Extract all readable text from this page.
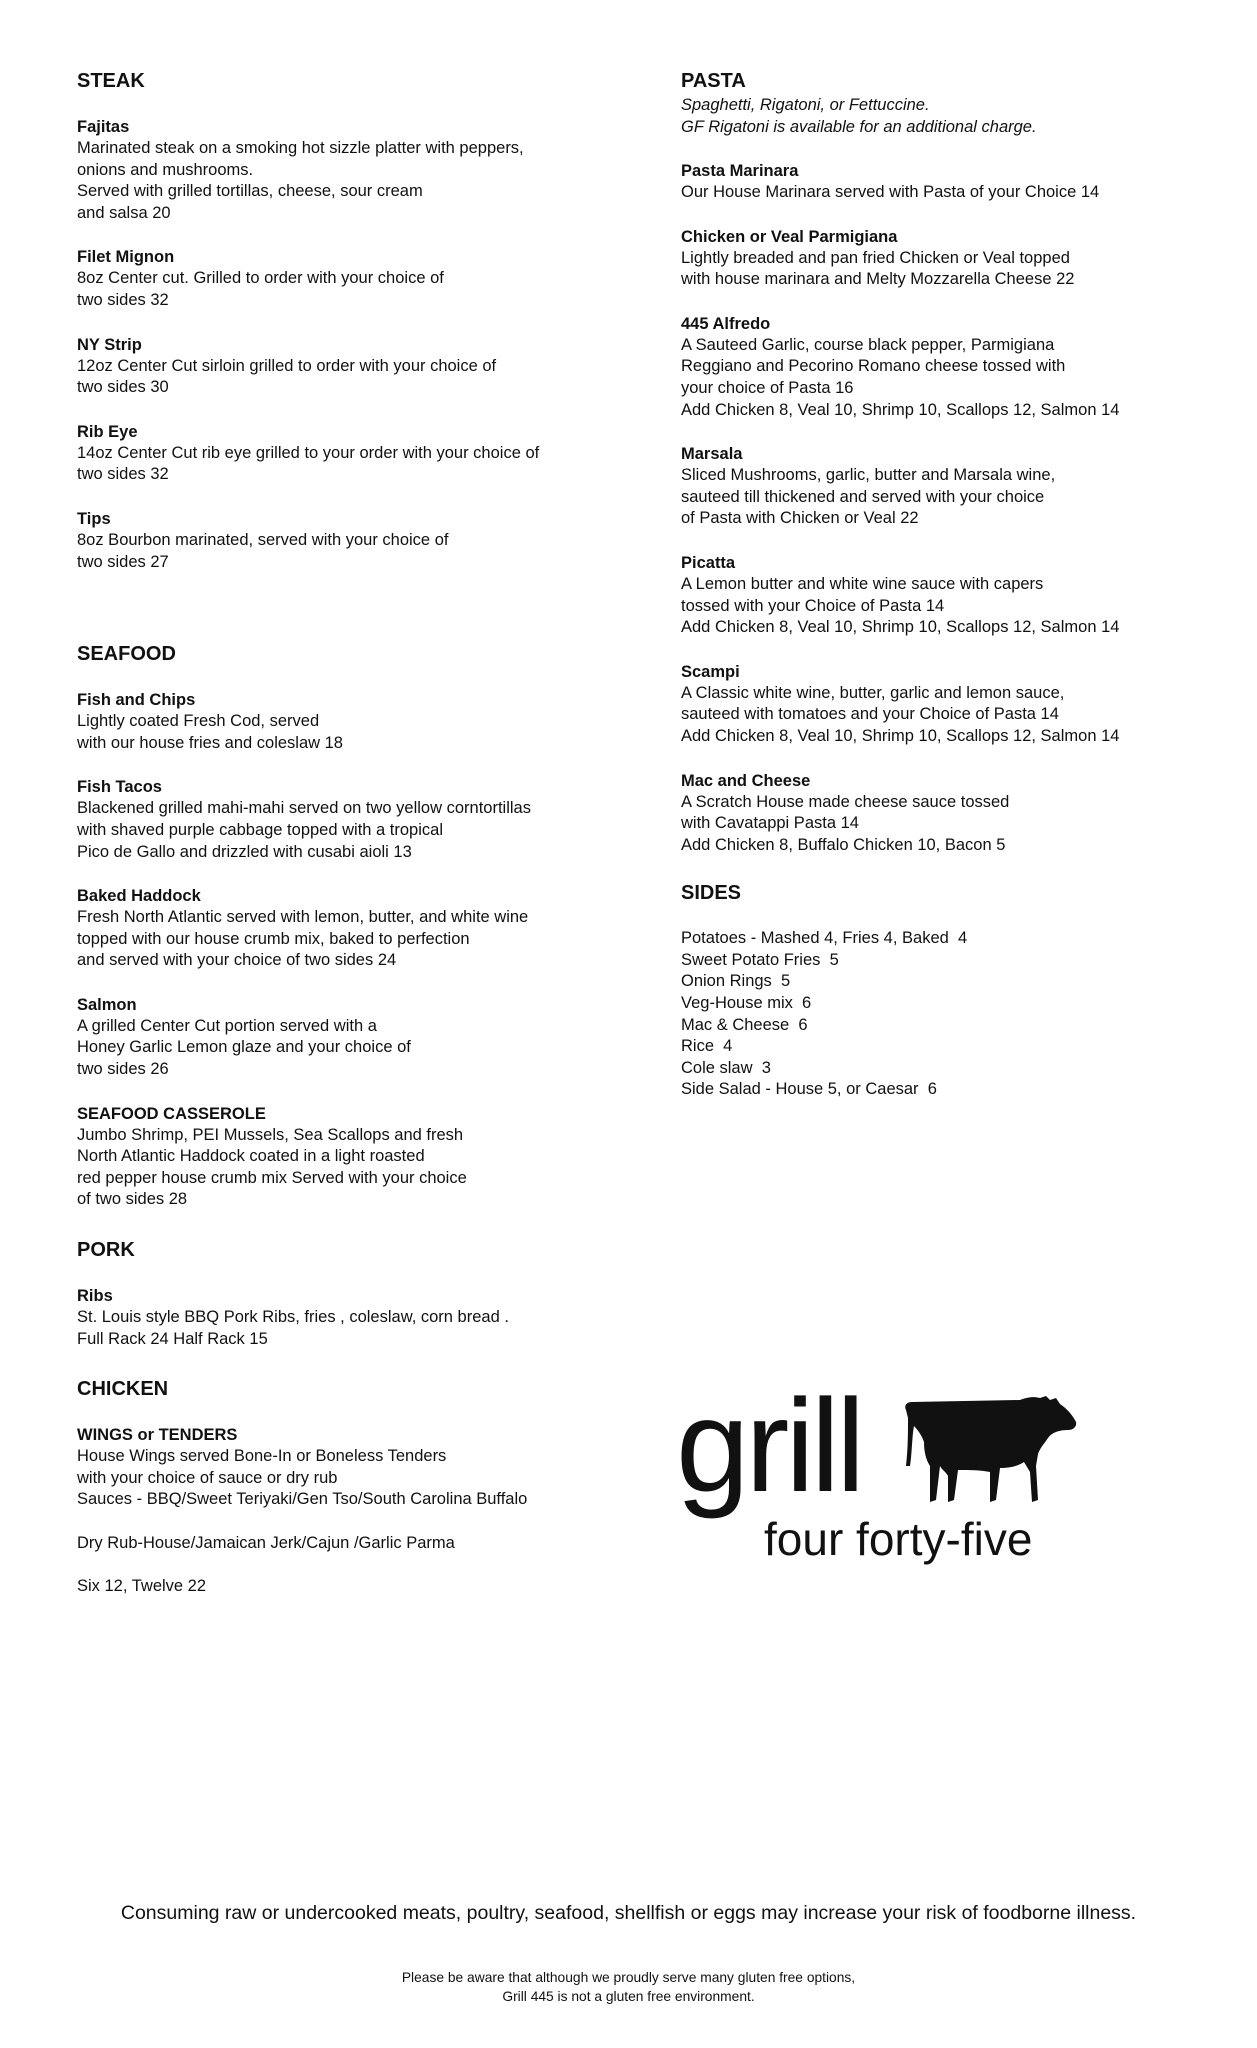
STEAK
Fajitas
Marinated steak on a smoking hot sizzle platter with peppers,
onions and mushrooms.
Served with grilled tortillas, cheese, sour cream
and salsa 20
Filet Mignon
8oz Center cut. Grilled to order with your choice of
two sides 32
NY Strip
12oz Center Cut sirloin grilled to order with your choice of
two sides 30
Rib Eye
14oz Center Cut rib eye grilled to your order with your choice of
two sides 32
Tips
8oz Bourbon marinated, served with your choice of
two sides 27
SEAFOOD
Fish and Chips
Lightly coated Fresh Cod, served
with our house fries and coleslaw 18
Fish Tacos
Blackened grilled mahi-mahi served on two yellow corntortillas
with shaved purple cabbage topped with a tropical
Pico de Gallo and drizzled with cusabi aioli 13
Baked Haddock
Fresh North Atlantic served with lemon, butter, and white wine
topped with our house crumb mix, baked to perfection
and served with your choice of two sides 24
Salmon
A grilled Center Cut portion served with a
Honey Garlic Lemon glaze and your choice of
two sides 26
SEAFOOD CASSEROLE
Jumbo Shrimp, PEI Mussels, Sea Scallops and fresh
North Atlantic Haddock coated in a light roasted
red pepper house crumb mix Served with your choice
of two sides 28
PORK
Ribs
St. Louis style BBQ Pork Ribs, fries , coleslaw, corn bread .
Full Rack 24 Half Rack 15
CHICKEN
WINGS or TENDERS
House Wings served Bone-In or Boneless Tenders
with your choice of sauce or dry rub
Sauces - BBQ/Sweet Teriyaki/Gen Tso/South Carolina Buffalo

Dry Rub-House/Jamaican Jerk/Cajun /Garlic Parma

Six 12, Twelve 22
PASTA
Spaghetti, Rigatoni, or Fettuccine.
GF Rigatoni is available for an additional charge.
Pasta Marinara
Our House Marinara served with Pasta of your Choice 14
Chicken or Veal Parmigiana
Lightly breaded and pan fried Chicken or Veal topped
with house marinara and Melty Mozzarella Cheese 22
445 Alfredo
A Sauteed Garlic, course black pepper, Parmigiana
Reggiano and Pecorino Romano cheese tossed with
your choice of Pasta 16
Add Chicken 8, Veal 10, Shrimp 10, Scallops 12, Salmon 14
Marsala
Sliced Mushrooms, garlic, butter and Marsala wine,
sauteed till thickened and served with your choice
of Pasta with Chicken or Veal 22
Picatta
A Lemon butter and white wine sauce with capers
tossed with your Choice of Pasta 14
Add Chicken 8, Veal 10, Shrimp 10, Scallops 12, Salmon 14
Scampi
A Classic white wine, butter, garlic and lemon sauce,
sauteed with tomatoes and your Choice of Pasta 14
Add Chicken 8, Veal 10, Shrimp 10, Scallops 12, Salmon 14
Mac and Cheese
A Scratch House made cheese sauce tossed
with Cavatappi Pasta 14
Add Chicken 8, Buffalo Chicken 10, Bacon 5
SIDES
Potatoes - Mashed 4, Fries 4, Baked  4
Sweet Potato Fries  5
Onion Rings  5
Veg-House mix  6
Mac & Cheese  6
Rice  4
Cole slaw  3
Side Salad - House 5, or Caesar  6
grill
four forty-five
Consuming raw or undercooked meats, poultry, seafood, shellfish or eggs may increase your risk of foodborne illness.
Please be aware that although we proudly serve many gluten free options,
Grill 445 is not a gluten free environment.
